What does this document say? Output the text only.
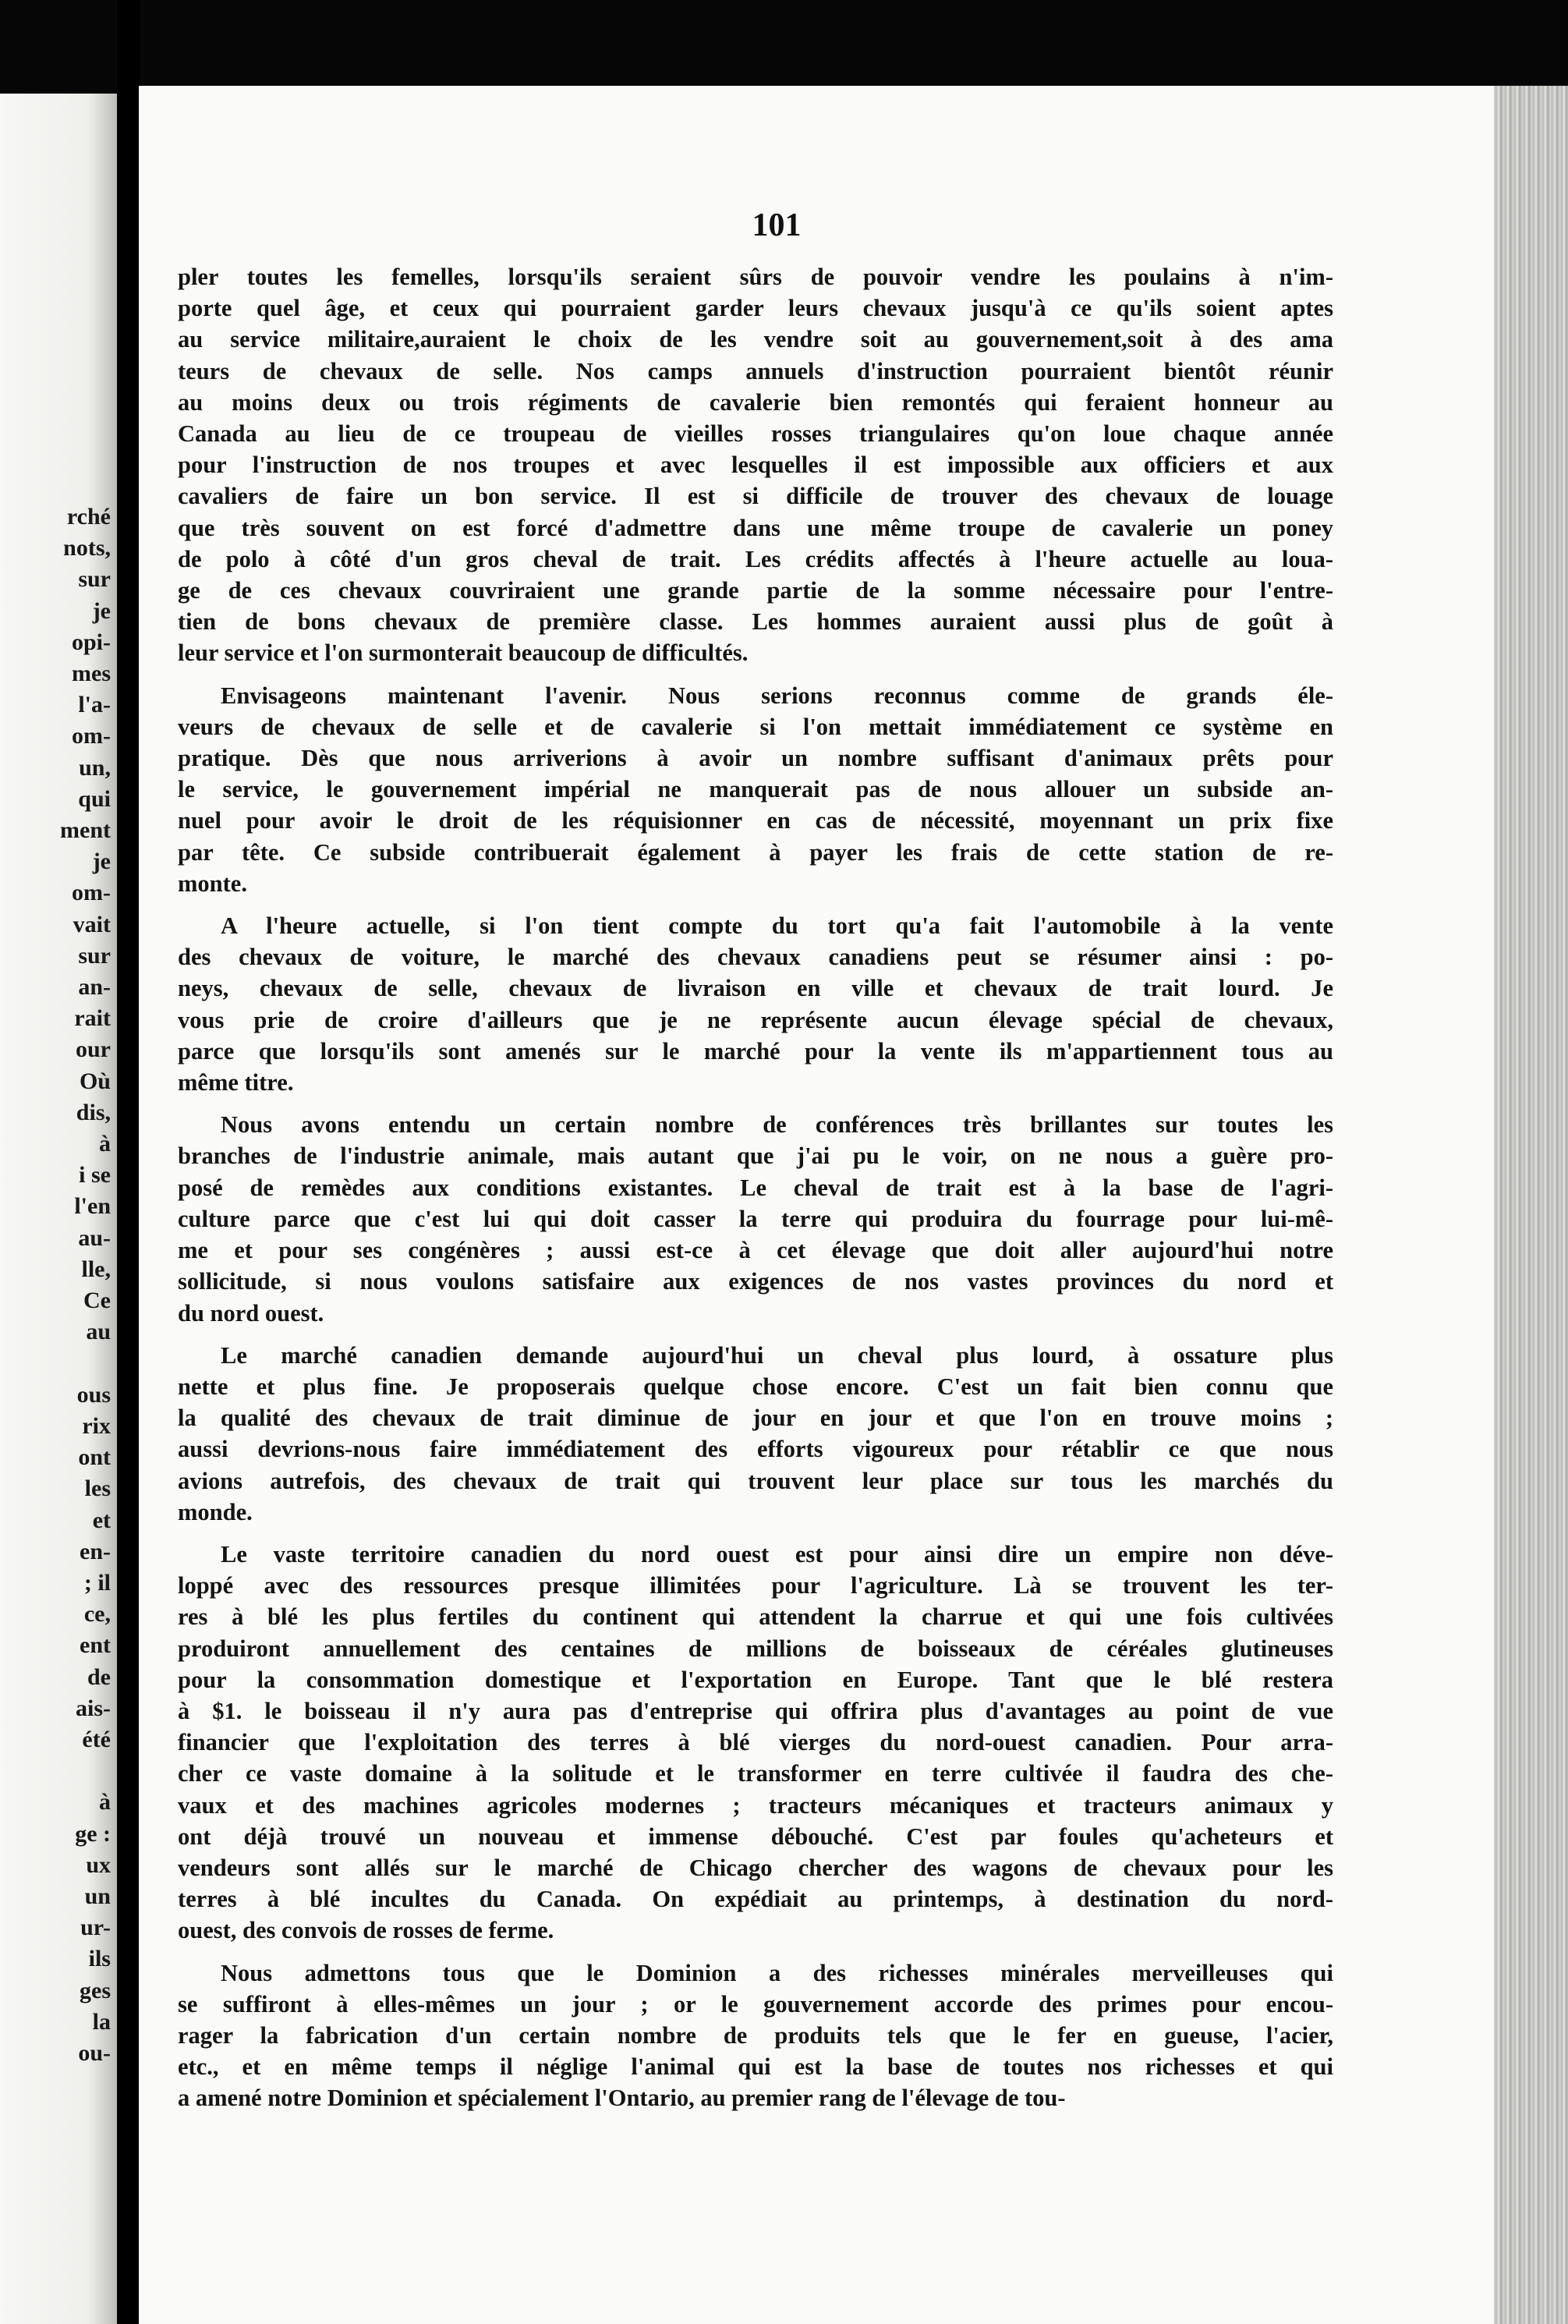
rché
nots,
sur
je
opi-
mes
l'a-
om-
un,
qui
ment
je
om-
vait
sur
an-
rait
our
Où
dis,
à
i se
l'en
au-
lle,
Ce
au

ous
rix
ont
les
et
en-
; il
ce,
ent
de
ais-
été

à
ge :
ux
un
ur-
ils
ges
la
ou-
101
pler toutes les femelles, lorsqu'ils seraient sûrs de pouvoir vendre les poulains à n'im-
porte quel âge, et ceux qui pourraient garder leurs chevaux jusqu'à ce qu'ils soient aptes
au service militaire,auraient le choix de les vendre soit au gouvernement,soit à des ama
teurs de chevaux de selle. Nos camps annuels d'instruction pourraient bientôt réunir
au moins deux ou trois régiments de cavalerie bien remontés qui feraient honneur au
Canada au lieu de ce troupeau de vieilles rosses triangulaires qu'on loue chaque année
pour l'instruction de nos troupes et avec lesquelles il est impossible aux officiers et aux
cavaliers de faire un bon service. Il est si difficile de trouver des chevaux de louage
que très souvent on est forcé d'admettre dans une même troupe de cavalerie un poney
de polo à côté d'un gros cheval de trait. Les crédits affectés à l'heure actuelle au loua-
ge de ces chevaux couvriraient une grande partie de la somme nécessaire pour l'entre-
tien de bons chevaux de première classe. Les hommes auraient aussi plus de goût à
leur service et l'on surmonterait beaucoup de difficultés.
Envisageons maintenant l'avenir. Nous serions reconnus comme de grands éle-
veurs de chevaux de selle et de cavalerie si l'on mettait immédiatement ce système en
pratique. Dès que nous arriverions à avoir un nombre suffisant d'animaux prêts pour
le service, le gouvernement impérial ne manquerait pas de nous allouer un subside an-
nuel pour avoir le droit de les réquisionner en cas de nécessité, moyennant un prix fixe
par tête. Ce subside contribuerait également à payer les frais de cette station de re-
monte.
A l'heure actuelle, si l'on tient compte du tort qu'a fait l'automobile à la vente
des chevaux de voiture, le marché des chevaux canadiens peut se résumer ainsi : po-
neys, chevaux de selle, chevaux de livraison en ville et chevaux de trait lourd. Je
vous prie de croire d'ailleurs que je ne représente aucun élevage spécial de chevaux,
parce que lorsqu'ils sont amenés sur le marché pour la vente ils m'appartiennent tous au
même titre.
Nous avons entendu un certain nombre de conférences très brillantes sur toutes les
branches de l'industrie animale, mais autant que j'ai pu le voir, on ne nous a guère pro-
posé de remèdes aux conditions existantes. Le cheval de trait est à la base de l'agri-
culture parce que c'est lui qui doit casser la terre qui produira du fourrage pour lui-mê-
me et pour ses congénères ; aussi est-ce à cet élevage que doit aller aujourd'hui notre
sollicitude, si nous voulons satisfaire aux exigences de nos vastes provinces du nord et
du nord ouest.
Le marché canadien demande aujourd'hui un cheval plus lourd, à ossature plus
nette et plus fine. Je proposerais quelque chose encore. C'est un fait bien connu que
la qualité des chevaux de trait diminue de jour en jour et que l'on en trouve moins ;
aussi devrions-nous faire immédiatement des efforts vigoureux pour rétablir ce que nous
avions autrefois, des chevaux de trait qui trouvent leur place sur tous les marchés du
monde.
Le vaste territoire canadien du nord ouest est pour ainsi dire un empire non déve-
loppé avec des ressources presque illimitées pour l'agriculture. Là se trouvent les ter-
res à blé les plus fertiles du continent qui attendent la charrue et qui une fois cultivées
produiront annuellement des centaines de millions de boisseaux de céréales glutineuses
pour la consommation domestique et l'exportation en Europe. Tant que le blé restera
à $1. le boisseau il n'y aura pas d'entreprise qui offrira plus d'avantages au point de vue
financier que l'exploitation des terres à blé vierges du nord-ouest canadien. Pour arra-
cher ce vaste domaine à la solitude et le transformer en terre cultivée il faudra des che-
vaux et des machines agricoles modernes ; tracteurs mécaniques et tracteurs animaux y
ont déjà trouvé un nouveau et immense débouché. C'est par foules qu'acheteurs et
vendeurs sont allés sur le marché de Chicago chercher des wagons de chevaux pour les
terres à blé incultes du Canada. On expédiait au printemps, à destination du nord-
ouest, des convois de rosses de ferme.
Nous admettons tous que le Dominion a des richesses minérales merveilleuses qui
se suffiront à elles-mêmes un jour ; or le gouvernement accorde des primes pour encou-
rager la fabrication d'un certain nombre de produits tels que le fer en gueuse, l'acier,
etc., et en même temps il néglige l'animal qui est la base de toutes nos richesses et qui
a amené notre Dominion et spécialement l'Ontario, au premier rang de l'élevage de tou-
